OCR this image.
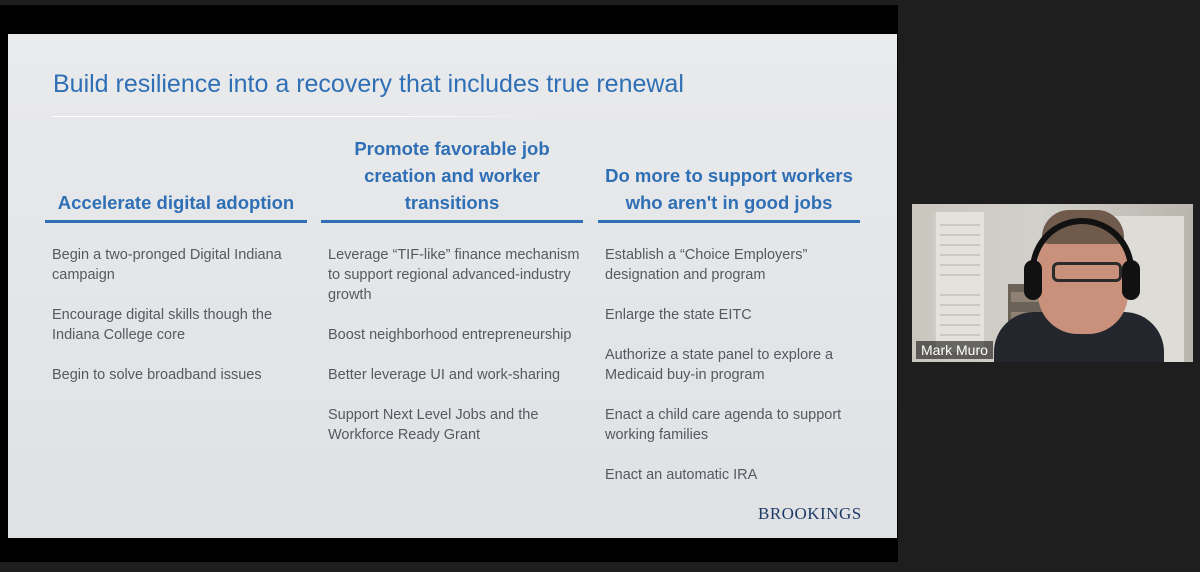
Build resilience into a recovery that includes true renewal
Accelerate digital adoption
Begin a two-pronged Digital Indiana campaign
Encourage digital skills though the Indiana College core
Begin to solve broadband issues
Promote favorable job creation and worker transitions
Leverage “TIF-like” finance mechanism to support regional advanced-industry growth
Boost neighborhood entrepreneurship
Better leverage UI and work-sharing
Support Next Level Jobs and the Workforce Ready Grant
Do more to support workers who aren't in good jobs
Establish a “Choice Employers” designation and program
Enlarge the state EITC
Authorize a state panel to explore a Medicaid buy-in program
Enact a child care agenda to support working families
Enact an automatic IRA
BROOKINGS
Mark Muro
